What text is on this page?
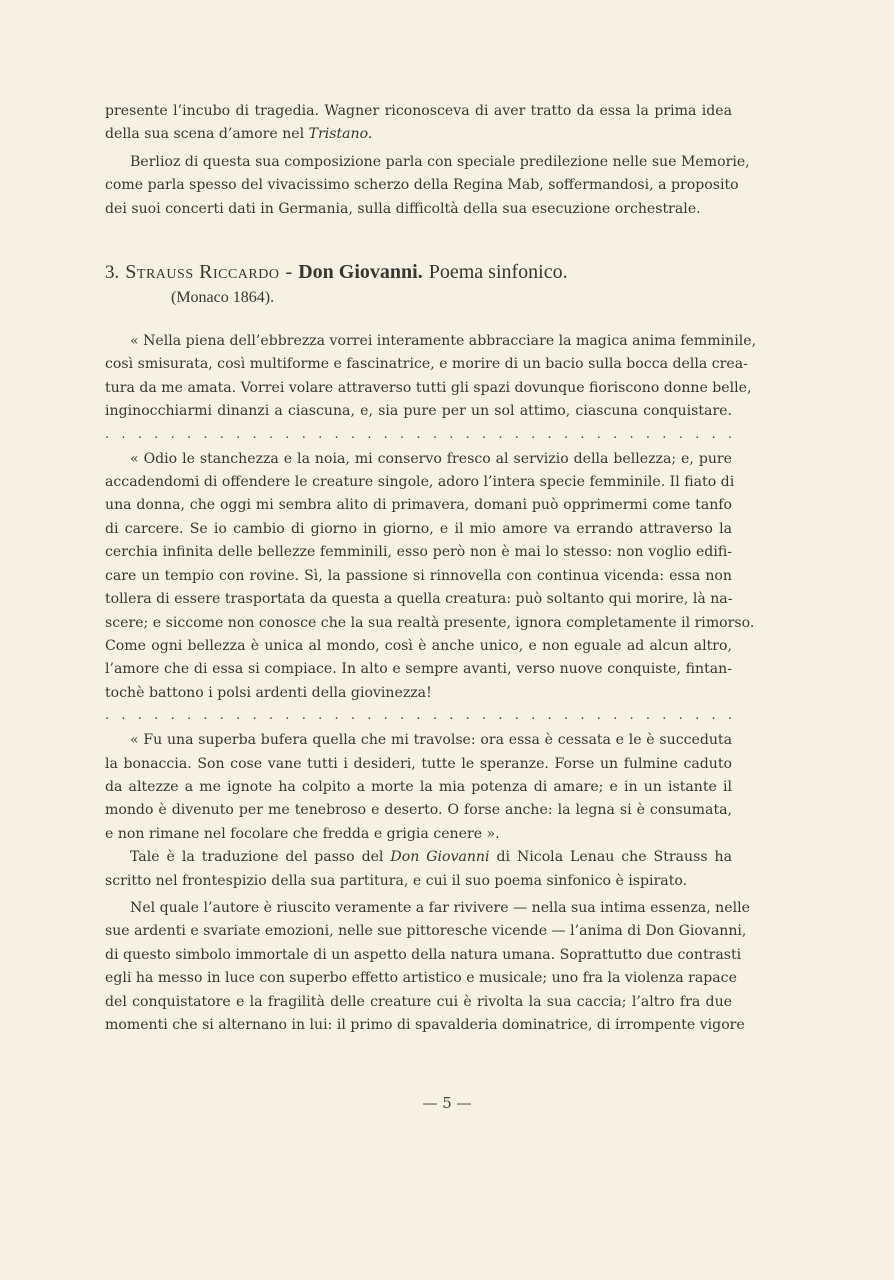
presente l’incubo di tragedia. Wagner riconosceva di aver tratto da essa la prima idea
della sua scena d’amore nel Tristano.
Berlioz di questa sua composizione parla con speciale predilezione nelle sue Memorie,
come parla spesso del vivacissimo scherzo della Regina Mab, soffermandosi, a proposito
dei suoi concerti dati in Germania, sulla difficoltà della sua esecuzione orchestrale.
3. Strauss Riccardo - Don Giovanni. Poema sinfonico.
(Monaco 1864).
« Nella piena dell’ebbrezza vorrei interamente abbracciare la magica anima femminile,
così smisurata, così multiforme e fascinatrice, e morire di un bacio sulla bocca della crea-
tura da me amata. Vorrei volare attraverso tutti gli spazi dovunque fioriscono donne belle,
inginocchiarmi dinanzi a ciascuna, e, sia pure per un sol attimo, ciascuna conquistare.
. . . . . . . . . . . . . . . . . . . . . . . . . . . . . . . . . . . . . . .
« Odio le stanchezza e la noia, mi conservo fresco al servizio della bellezza; e, pure
accadendomi di offendere le creature singole, adoro l’intera specie femminile. Il fiato di
una donna, che oggi mi sembra alito di primavera, domani può opprimermi come tanfo
di carcere. Se io cambio di giorno in giorno, e il mio amore va errando attraverso la
cerchia infinita delle bellezze femminili, esso però non è mai lo stesso: non voglio edifi-
care un tempio con rovine. Sì, la passione si rinnovella con continua vicenda: essa non
tollera di essere trasportata da questa a quella creatura: può soltanto qui morire, là na-
scere; e siccome non conosce che la sua realtà presente, ignora completamente il rimorso.
Come ogni bellezza è unica al mondo, così è anche unico, e non eguale ad alcun altro,
l’amore che di essa si compiace. In alto e sempre avanti, verso nuove conquiste, fintan-
tochè battono i polsi ardenti della giovinezza!
. . . . . . . . . . . . . . . . . . . . . . . . . . . . . . . . . . . . . . .
« Fu una superba bufera quella che mi travolse: ora essa è cessata e le è succeduta
la bonaccia. Son cose vane tutti i desideri, tutte le speranze. Forse un fulmine caduto
da altezze a me ignote ha colpito a morte la mia potenza di amare; e in un istante il
mondo è divenuto per me tenebroso e deserto. O forse anche: la legna si è consumata,
e non rimane nel focolare che fredda e grigia cenere ».
Tale è la traduzione del passo del Don Giovanni di Nicola Lenau che Strauss ha
scritto nel frontespizio della sua partitura, e cui il suo poema sinfonico è ispirato.
Nel quale l’autore è riuscito veramente a far rivivere — nella sua intima essenza, nelle
sue ardenti e svariate emozioni, nelle sue pittoresche vicende — l’anima di Don Giovanni,
di questo simbolo immortale di un aspetto della natura umana. Soprattutto due contrasti
egli ha messo in luce con superbo effetto artistico e musicale; uno fra la violenza rapace
del conquistatore e la fragilità delle creature cui è rivolta la sua caccia; l’altro fra due
momenti che si alternano in lui: il primo di spavalderia dominatrice, di irrompente vigore
— 5 —
